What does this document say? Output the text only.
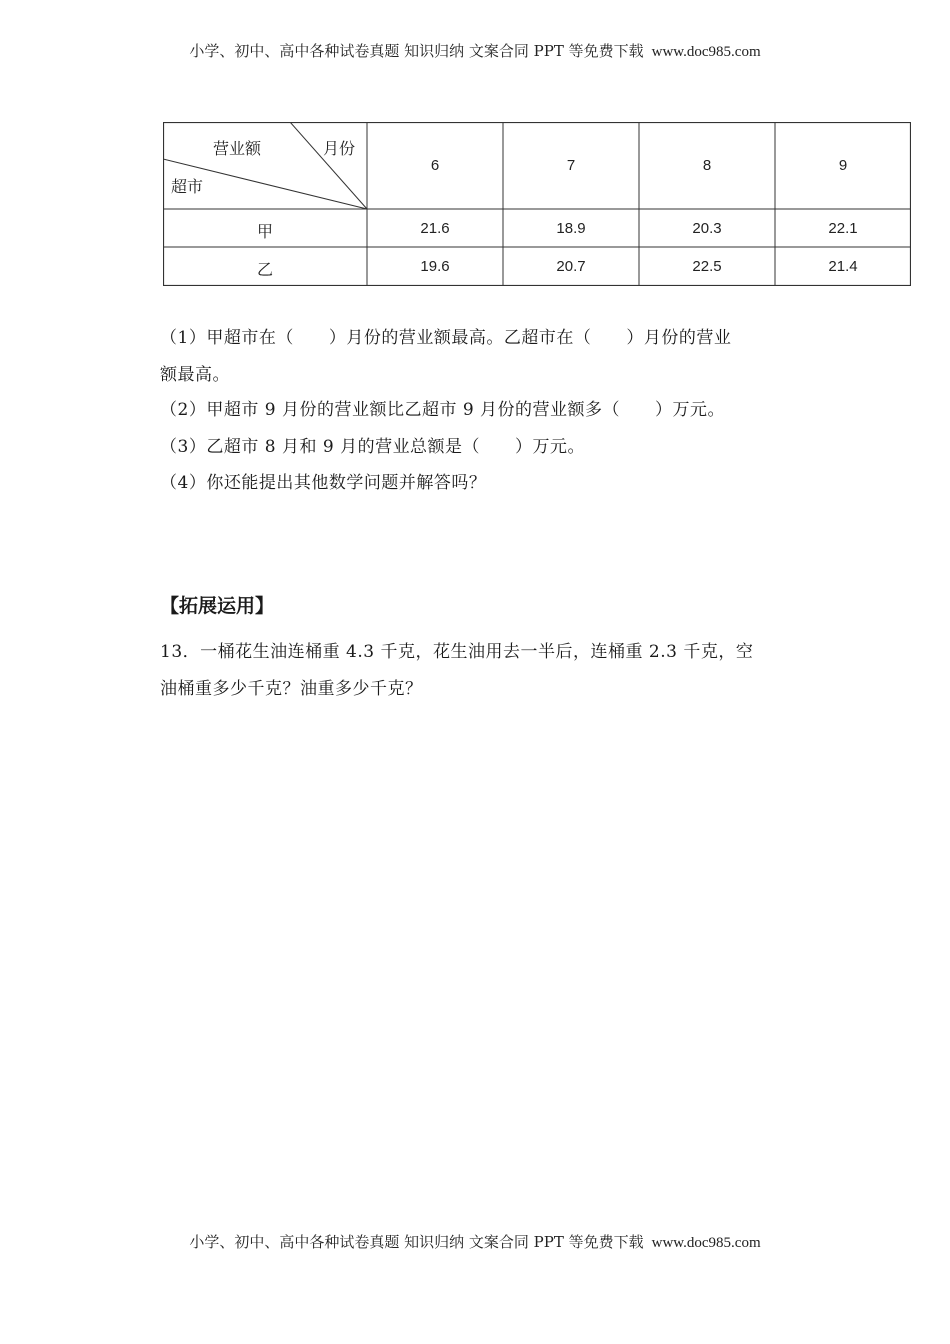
小学、初中、高中各种试卷真题 知识归纳 文案合同 PPT 等免费下载 www.doc985.com
营业额	月份
超市
6	7	8	9
甲	21.6	18.9	20.3	22.1
乙	19.6	20.7	22.5	21.4
（1）甲超市在（　　）月份的营业额最高。乙超市在（　　）月份的营业
额最高。
（2）甲超市 9 月份的营业额比乙超市 9 月份的营业额多（　　）万元。
（3）乙超市 8 月和 9 月的营业总额是（　　）万元。
（4）你还能提出其他数学问题并解答吗？
【拓展运用】
13．一桶花生油连桶重 4.3 千克，花生油用去一半后，连桶重 2.3 千克，空
油桶重多少千克？油重多少千克？
小学、初中、高中各种试卷真题 知识归纳 文案合同 PPT 等免费下载 www.doc985.com
